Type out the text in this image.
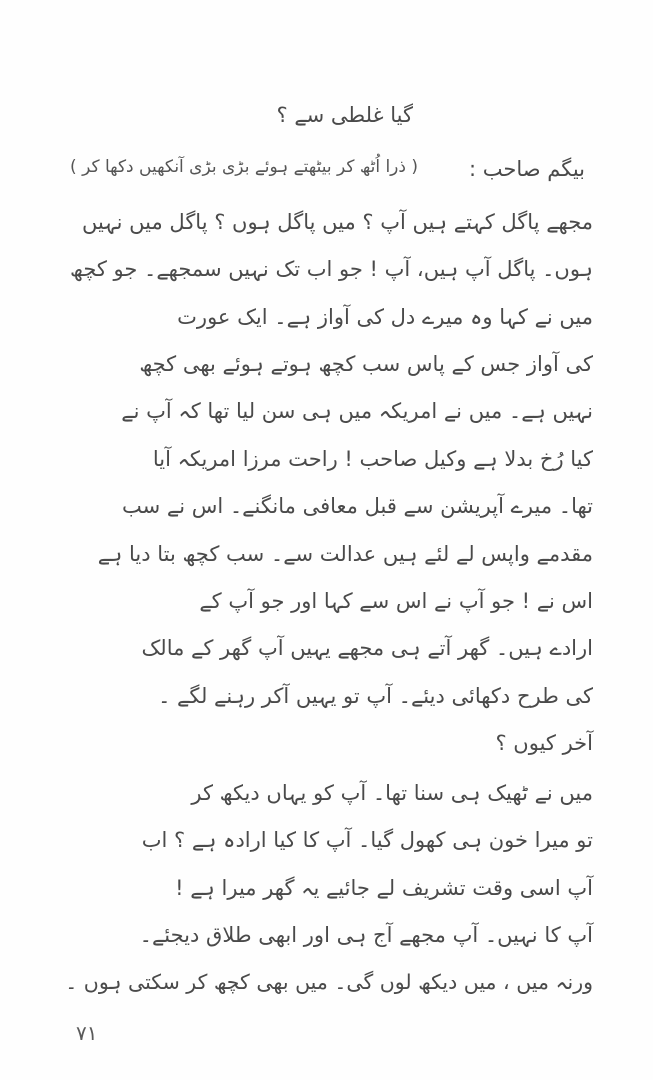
گیا غلطی سے ؟
بیگم صاحب :
( ذرا اُٹھ کر بیٹھتے ہوئے بڑی بڑی آنکھیں دکھا کر )
مجھے پاگل کہتے ہیں آپ ؟ میں پاگل ہوں ؟ پاگل میں نہیں
ہوں۔ پاگل آپ ہیں، آپ ! جو اب تک نہیں سمجھے۔ جو کچھ
میں نے کہا وہ میرے دل کی آواز ہے۔ ایک عورت
کی آواز جس کے پاس سب کچھ ہوتے ہوئے بھی کچھ
نہیں ہے۔ میں نے امریکہ میں ہی سن لیا تھا کہ آپ نے
کیا رُخ بدلا ہے وکیل صاحب ! راحت مرزا امریکہ آیا
تھا۔ میرے آپریشن سے قبل معافی مانگنے۔ اس نے سب
مقدمے واپس لے لئے ہیں عدالت سے۔ سب کچھ بتا دیا ہے
اس نے ! جو آپ نے اس سے کہا اور جو آپ کے
ارادے ہیں۔ گھر آتے ہی مجھے یہیں آپ گھر کے مالک
کی طرح دکھائی دیئے۔ آپ تو یہیں آکر رہنے لگے ۔
آخر کیوں ؟
میں نے ٹھیک ہی سنا تھا۔ آپ کو یہاں دیکھ کر
تو میرا خون ہی کھول گیا۔ آپ کا کیا ارادہ ہے ؟ اب
آپ اسی وقت تشریف لے جائیے یہ گھر میرا ہے !
آپ کا نہیں۔ آپ مجھے آج ہی اور ابھی طلاق دیجئے۔
ورنہ میں ، میں دیکھ لوں گی۔ میں بھی کچھ کر سکتی ہوں ۔
۷۱
